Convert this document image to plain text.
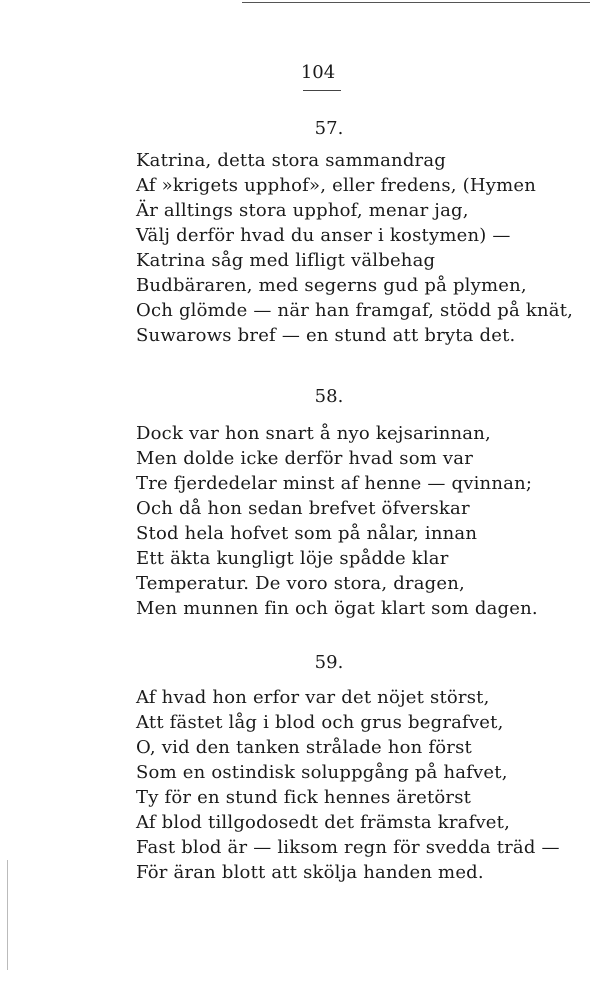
104
57.
Katrina, detta stora sammandrag
Af »krigets upphof», eller fredens, (Hymen
Är alltings stora upphof, menar jag,
Välj derför hvad du anser i kostymen) —
Katrina såg med lifligt välbehag
Budbäraren, med segerns gud på plymen,
Och glömde — när han framgaf, stödd på knät,
Suwarows bref — en stund att bryta det.
58.
Dock var hon snart å nyo kejsarinnan,
Men dolde icke derför hvad som var
Tre fjerdedelar minst af henne — qvinnan;
Och då hon sedan brefvet öfverskar
Stod hela hofvet som på nålar, innan
Ett äkta kungligt löje spådde klar
Temperatur. De voro stora, dragen,
Men munnen fin och ögat klart som dagen.
59.
Af hvad hon erfor var det nöjet störst,
Att fästet låg i blod och grus begrafvet,
O, vid den tanken strålade hon först
Som en ostindisk soluppgång på hafvet,
Ty för en stund fick hennes äretörst
Af blod tillgodosedt det främsta krafvet,
Fast blod är — liksom regn för svedda träd —
För äran blott att skölja handen med.
